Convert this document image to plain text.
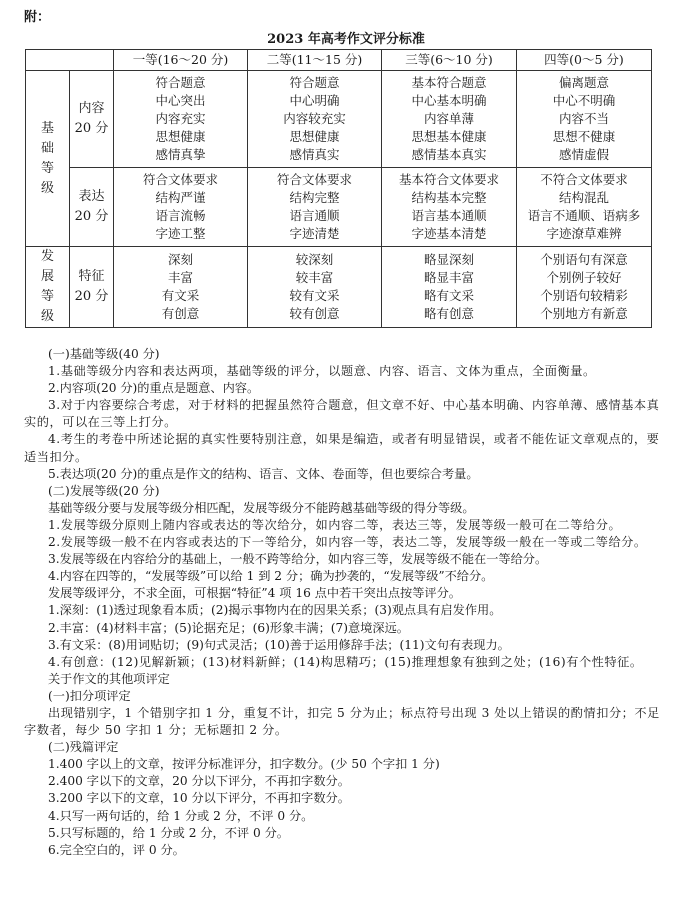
附：
2023 年高考作文评分标准
		一等(16～20 分)	二等(11～15 分)	三等(6～10 分)	四等(0～5 分)

基
础
等
级	内容
20 分	符合题意
中心突出
内容充实
思想健康
感情真挚	符合题意
中心明确
内容较充实
思想健康
感情真实	基本符合题意
中心基本明确
内容单薄
思想基本健康
感情基本真实	偏离题意
中心不明确
内容不当
思想不健康
感情虚假

	表达
20 分	符合文体要求
结构严谨
语言流畅
字迹工整	符合文体要求
结构完整
语言通顺
字迹清楚	基本符合文体要求
结构基本完整
语言基本通顺
字迹基本清楚	不符合文体要求
结构混乱
语言不通顺、语病多
字迹潦草难辨

发
展
等
级	特征
20 分	深刻
丰富
有文采
有创意	较深刻
较丰富
较有文采
较有创意	略显深刻
略显丰富
略有文采
略有创意	个别语句有深意
个别例子较好
个别语句较精彩
个别地方有新意

(一)基础等级(40 分)

1.基础等级分内容和表达两项，基础等级的评分，以题意、内容、语言、文体为重点，全面衡量。

2.内容项(20 分)的重点是题意、内容。

3.对于内容要综合考虑，对于材料的把握虽然符合题意，但文章不好、中心基本明确、内容单薄、感情基本真实的，可以在三等上打分。

4.考生的考卷中所述论据的真实性要特别注意，如果是编造，或者有明显错误，或者不能佐证文章观点的，要适当扣分。

5.表达项(20 分)的重点是作文的结构、语言、文体、卷面等，但也要综合考量。

(二)发展等级(20 分)

基础等级分要与发展等级分相匹配，发展等级分不能跨越基础等级的得分等级。

1.发展等级分原则上随内容或表达的等次给分，如内容二等，表达三等，发展等级一般可在二等给分。

2.发展等级一般不在内容或表达的下一等给分，如内容一等，表达二等，发展等级一般在一等或二等给分。

3.发展等级在内容给分的基础上，一般不跨等给分，如内容三等，发展等级不能在一等给分。

4.内容在四等的，“发展等级”可以给 1 到 2 分；确为抄袭的，“发展等级”不给分。

发展等级评分，不求全面，可根据“特征”4 项 16 点中若干突出点按等评分。

1.深刻：(1)透过现象看本质；(2)揭示事物内在的因果关系；(3)观点具有启发作用。

2.丰富：(4)材料丰富；(5)论据充足；(6)形象丰满；(7)意境深远。

3.有文采：(8)用词贴切；(9)句式灵活；(10)善于运用修辞手法；(11)文句有表现力。

4.有创意：(12)见解新颖；(13)材料新鲜；(14)构思精巧；(15)推理想象有独到之处；(16)有个性特征。

关于作文的其他项评定

(一)扣分项评定

出现错别字，1 个错别字扣 1 分，重复不计，扣完 5 分为止；标点符号出现 3 处以上错误的酌情扣分；不足字数者，每少 50 字扣 1 分；无标题扣 2 分。

(二)残篇评定

1.400 字以上的文章，按评分标准评分，扣字数分。(少 50 个字扣 1 分)

2.400 字以下的文章，20 分以下评分，不再扣字数分。

3.200 字以下的文章，10 分以下评分，不再扣字数分。

4.只写一两句话的，给 1 分或 2 分，不评 0 分。

5.只写标题的，给 1 分或 2 分，不评 0 分。

6.完全空白的，评 0 分。
